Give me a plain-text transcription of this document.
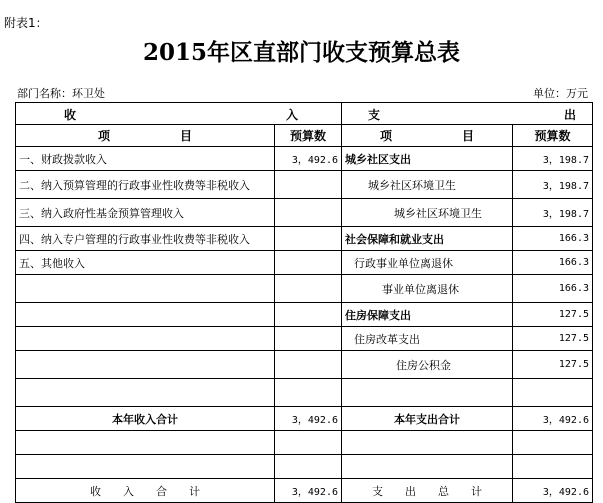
附表1：
2015年区直部门收支预算总表
部门名称：环卫处	单位：万元
收 入		支 出	

项 目	预算数	项 目	预算数
一、财政拨款收入	3，492.6	城乡社区支出	3，198.7
二、纳入预算管理的行政事业性收费等非税收入		城乡社区环境卫生	3，198.7
三、纳入政府性基金预算管理收入		城乡社区环境卫生	3，198.7
四、纳入专户管理的行政事业性收费等非税收入		社会保障和就业支出	166.3
五、其他收入		行政事业单位离退休	166.3
		事业单位离退休	166.3
		住房保障支出	127.5
		住房改革支出	127.5
		住房公积金	127.5

本年收入合计	3，492.6	本年支出合计	3，492.6

收　　入　　合　　计	3，492.6	支　　出　　总　　计	3，492.6
